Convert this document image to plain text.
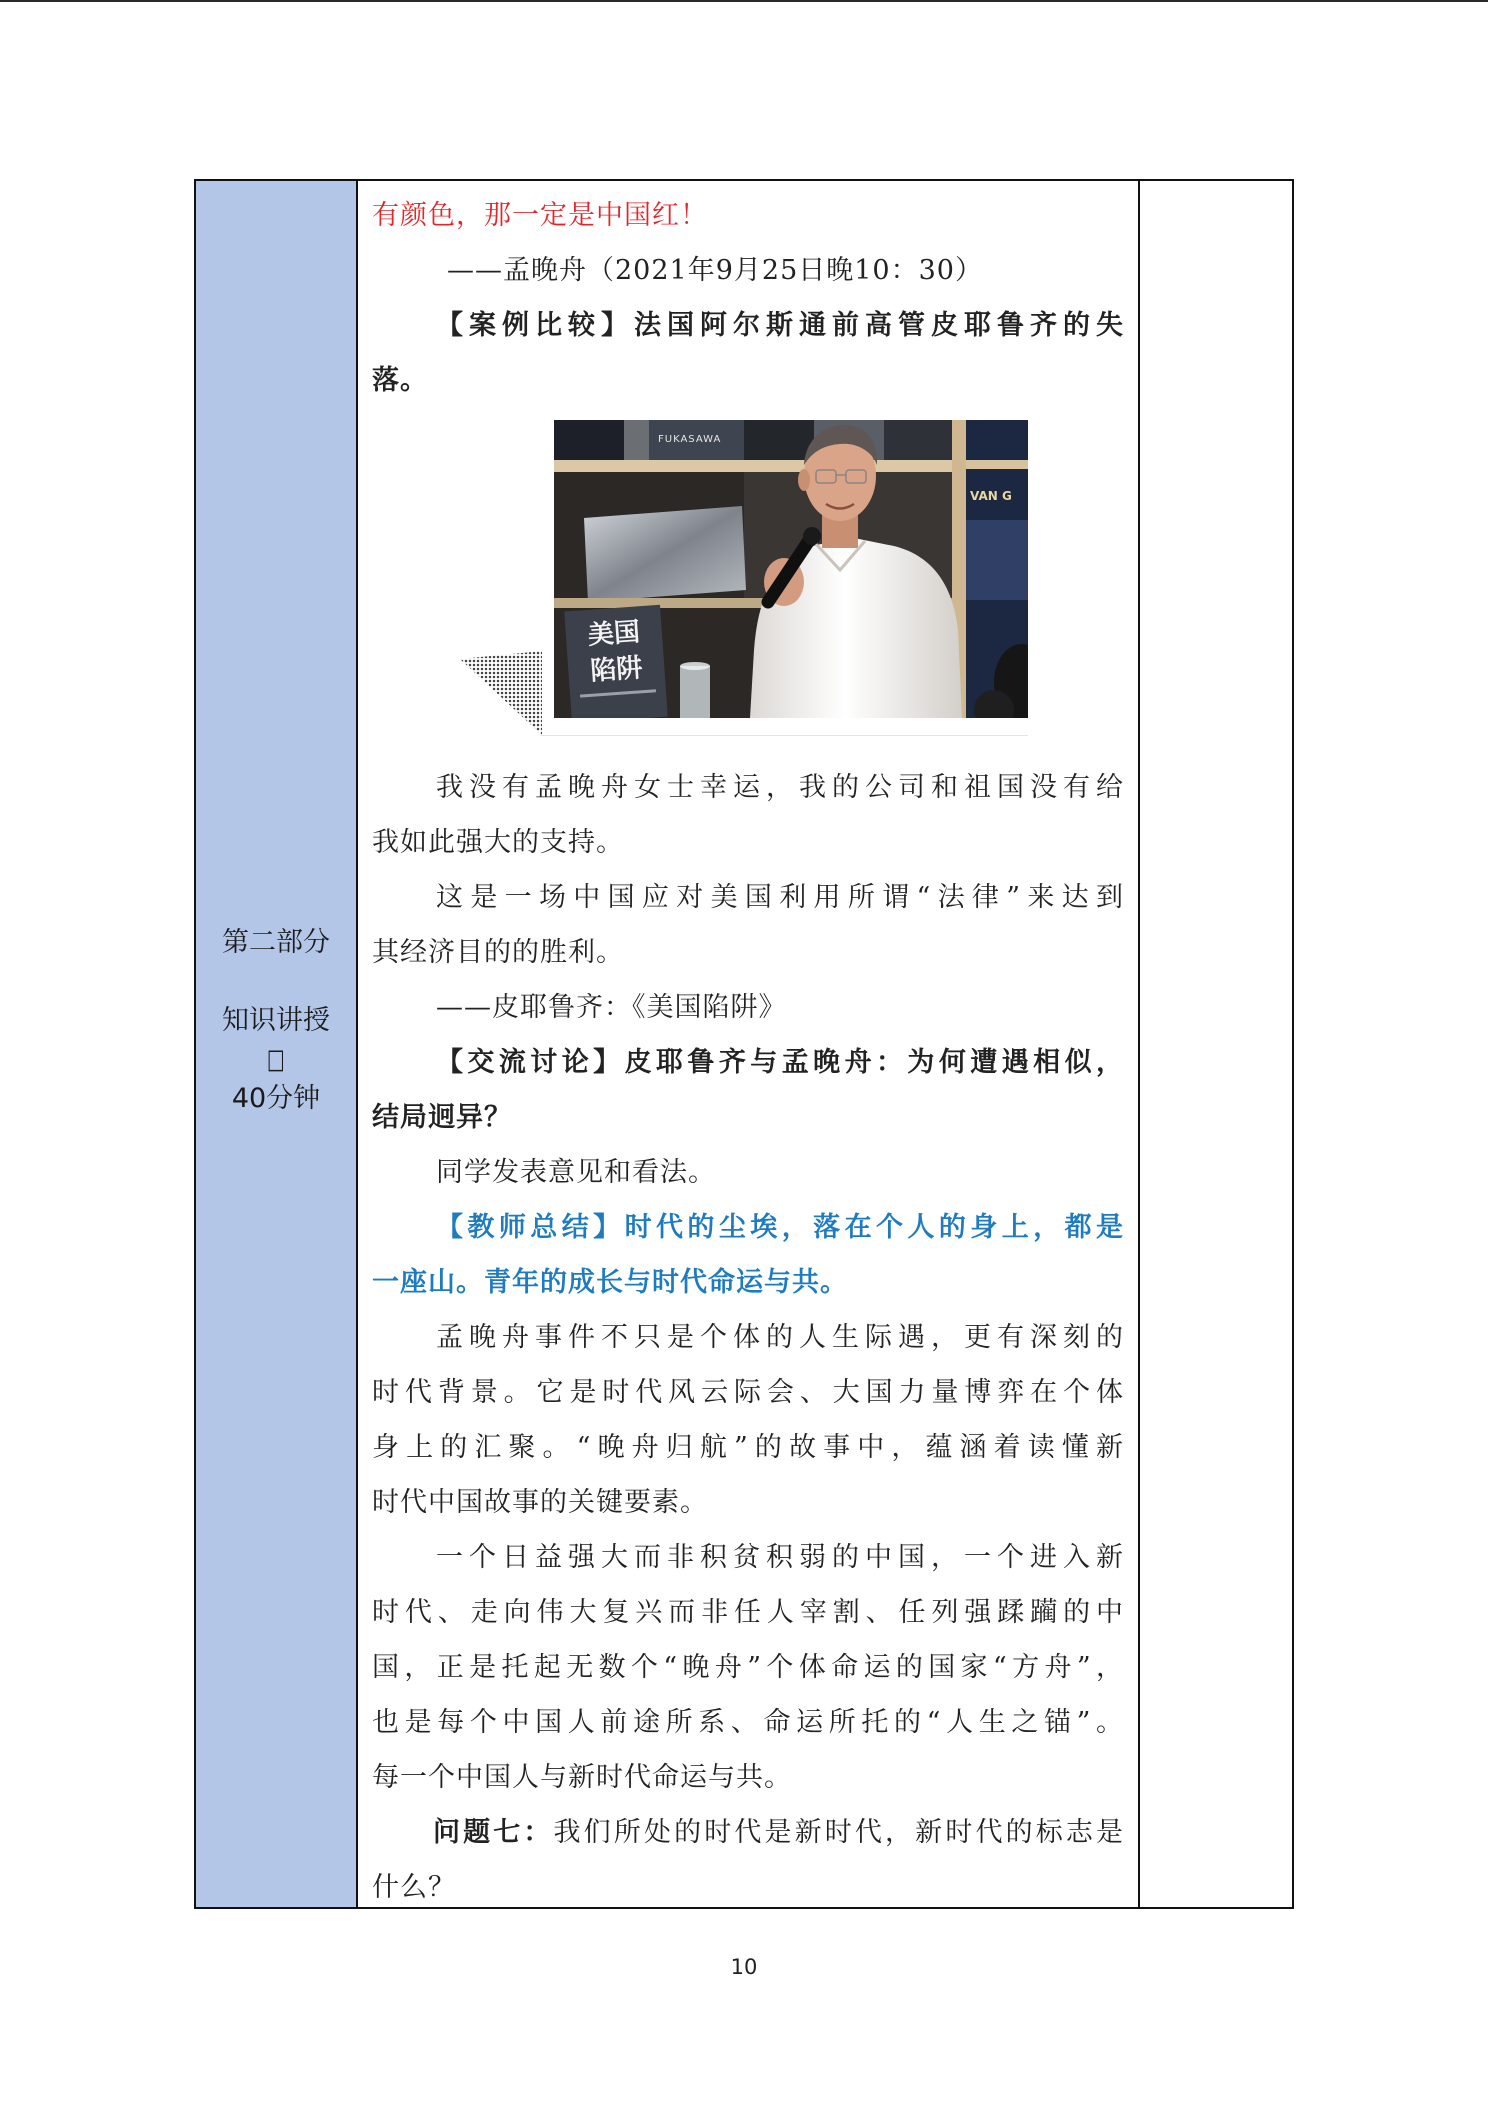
第二部分
知识讲授
□
40分钟
有颜色，那一定是中国红！
——孟晚舟（2021年9月25日晚10：30）
【案例比较】法国阿尔斯通前高管皮耶鲁齐的失
落。
FUKASAWA
VAN G
美国
陷阱
我没有孟晚舟女士幸运，我的公司和祖国没有给
我如此强大的支持。
这是一场中国应对美国利用所谓“法律”来达到
其经济目的的胜利。
——皮耶鲁齐：《美国陷阱》
【交流讨论】皮耶鲁齐与孟晚舟：为何遭遇相似，
结局迥异？
同学发表意见和看法。
【教师总结】时代的尘埃，落在个人的身上，都是
一座山。青年的成长与时代命运与共。
孟晚舟事件不只是个体的人生际遇，更有深刻的
时代背景。它是时代风云际会、大国力量博弈在个体
身上的汇聚。“晚舟归航”的故事中，蕴涵着读懂新
时代中国故事的关键要素。
一个日益强大而非积贫积弱的中国，一个进入新
时代、走向伟大复兴而非任人宰割、任列强蹂躏的中
国，正是托起无数个“晚舟”个体命运的国家“方舟”，
也是每个中国人前途所系、命运所托的“人生之锚”。
每一个中国人与新时代命运与共。
问题七：我们所处的时代是新时代，新时代的标志是
什么？
10
